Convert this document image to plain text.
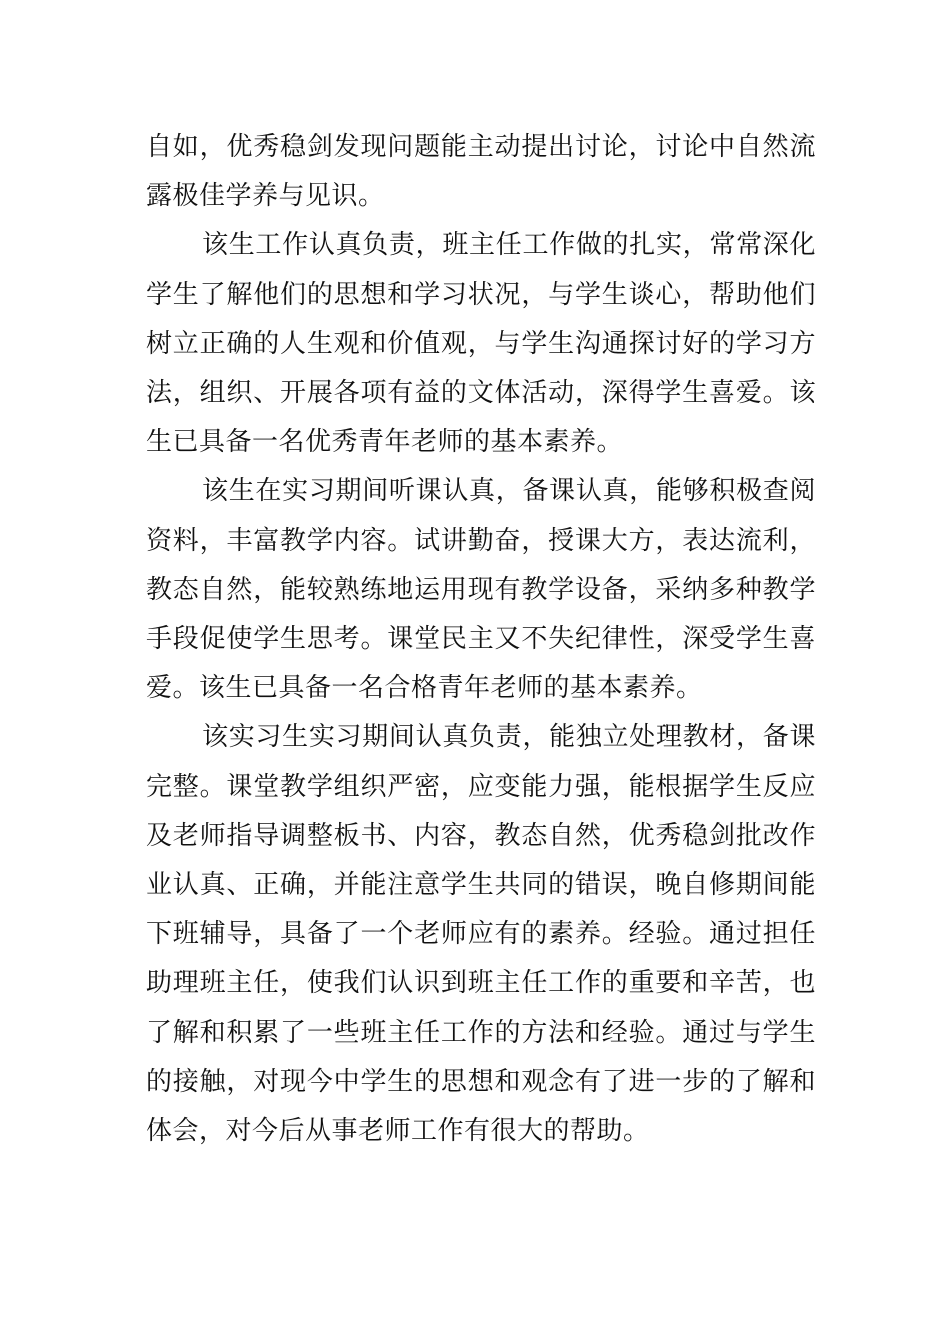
自如，优秀稳剑发现问题能主动提出讨论，讨论中自然流露极佳学养与见识。

该生工作认真负责，班主任工作做的扎实，常常深化学生了解他们的思想和学习状况，与学生谈心，帮助他们树立正确的人生观和价值观，与学生沟通探讨好的学习方法，组织、开展各项有益的文体活动，深得学生喜爱。该生已具备一名优秀青年老师的基本素养。

该生在实习期间听课认真，备课认真，能够积极查阅资料，丰富教学内容。试讲勤奋，授课大方，表达流利，教态自然，能较熟练地运用现有教学设备，采纳多种教学手段促使学生思考。课堂民主又不失纪律性，深受学生喜爱。该生已具备一名合格青年老师的基本素养。

该实习生实习期间认真负责，能独立处理教材，备课完整。课堂教学组织严密，应变能力强，能根据学生反应及老师指导调整板书、内容，教态自然，优秀稳剑批改作业认真、正确，并能注意学生共同的错误，晚自修期间能下班辅导，具备了一个老师应有的素养。经验。通过担任助理班主任，使我们认识到班主任工作的重要和辛苦，也了解和积累了一些班主任工作的方法和经验。通过与学生的接触，对现今中学生的思想和观念有了进一步的了解和体会，对今后从事老师工作有很大的帮助。
